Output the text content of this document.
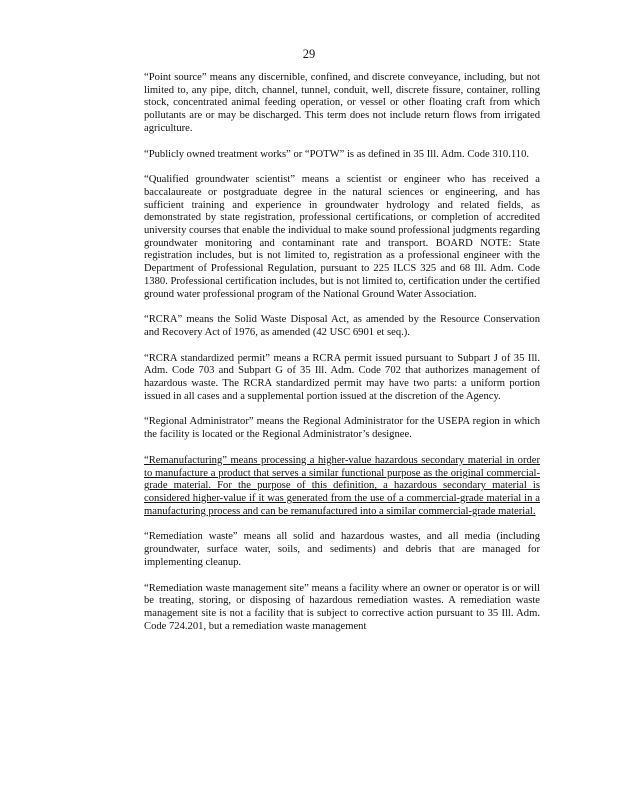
29

“Point source” means any discernible, confined, and discrete conveyance, including, but not limited to, any pipe, ditch, channel, tunnel, conduit, well, discrete fissure, container, rolling stock, concentrated animal feeding operation, or vessel or other floating craft from which pollutants are or may be discharged. This term does not include return flows from irrigated agriculture.

“Publicly owned treatment works” or “POTW” is as defined in 35 Ill. Adm. Code 310.110.

“Qualified groundwater scientist” means a scientist or engineer who has received a baccalaureate or postgraduate degree in the natural sciences or engineering, and has sufficient training and experience in groundwater hydrology and related fields, as demonstrated by state registration, professional certifications, or completion of accredited university courses that enable the individual to make sound professional judgments regarding groundwater monitoring and contaminant rate and transport. BOARD NOTE: State registration includes, but is not limited to, registration as a professional engineer with the Department of Professional Regulation, pursuant to 225 ILCS 325 and 68 Ill. Adm. Code 1380. Professional certification includes, but is not limited to, certification under the certified ground water professional program of the National Ground Water Association.

“RCRA” means the Solid Waste Disposal Act, as amended by the Resource Conservation and Recovery Act of 1976, as amended (42 USC 6901 et seq.).

“RCRA standardized permit” means a RCRA permit issued pursuant to Subpart J of 35 Ill. Adm. Code 703 and Subpart G of 35 Ill. Adm. Code 702 that authorizes management of hazardous waste. The RCRA standardized permit may have two parts: a uniform portion issued in all cases and a supplemental portion issued at the discretion of the Agency.

“Regional Administrator” means the Regional Administrator for the USEPA region in which the facility is located or the Regional Administrator’s designee.

“Remanufacturing” means processing a higher-value hazardous secondary material in order to manufacture a product that serves a similar functional purpose as the original commercial-grade material. For the purpose of this definition, a hazardous secondary material is considered higher-value if it was generated from the use of a commercial-grade material in a manufacturing process and can be remanufactured into a similar commercial-grade material.

“Remediation waste” means all solid and hazardous wastes, and all media (including groundwater, surface water, soils, and sediments) and debris that are managed for implementing cleanup.

“Remediation waste management site” means a facility where an owner or operator is or will be treating, storing, or disposing of hazardous remediation wastes. A remediation waste management site is not a facility that is subject to corrective action pursuant to 35 Ill. Adm. Code 724.201, but a remediation waste management
